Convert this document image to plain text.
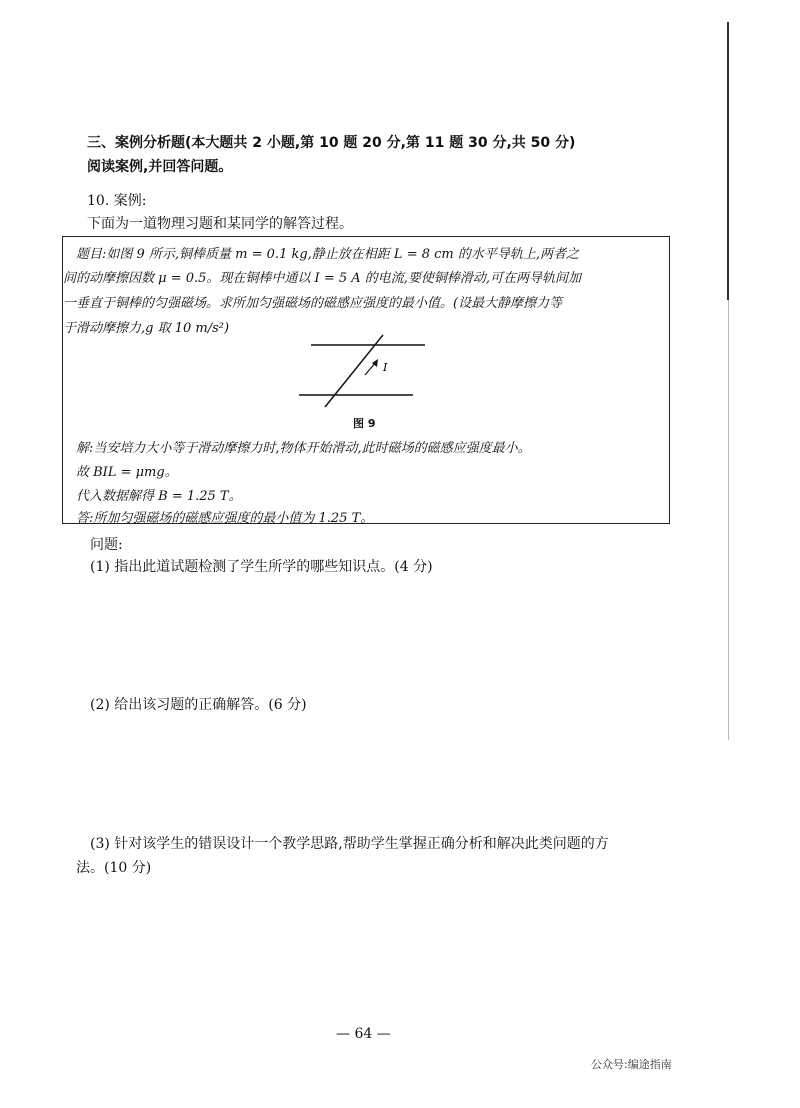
三、案例分析题(本大题共 2 小题,第 10 题 20 分,第 11 题 30 分,共 50 分)

阅读案例,并回答问题。

10. 案例:

下面为一道物理习题和某同学的解答过程。

题目:如图 9 所示,铜棒质量 m = 0.1 kg,静止放在相距 L = 8 cm 的水平导轨上,两者之

间的动摩擦因数 μ = 0.5。现在铜棒中通以 I = 5 A 的电流,要使铜棒滑动,可在两导轨间加

一垂直于铜棒的匀强磁场。求所加匀强磁场的磁感应强度的最小值。(设最大静摩擦力等

于滑动摩擦力,g 取 10 m/s²)

I

图 9

解:当安培力大小等于滑动摩擦力时,物体开始滑动,此时磁场的磁感应强度最小。

故 BIL = μmg。

代入数据解得 B = 1.25 T。

答:所加匀强磁场的磁感应强度的最小值为 1.25 T。

问题:

(1) 指出此道试题检测了学生所学的哪些知识点。(4 分)

(2) 给出该习题的正确解答。(6 分)

(3) 针对该学生的错误设计一个教学思路,帮助学生掌握正确分析和解决此类问题的方

法。(10 分)

— 64 —

公众号:编途指南
